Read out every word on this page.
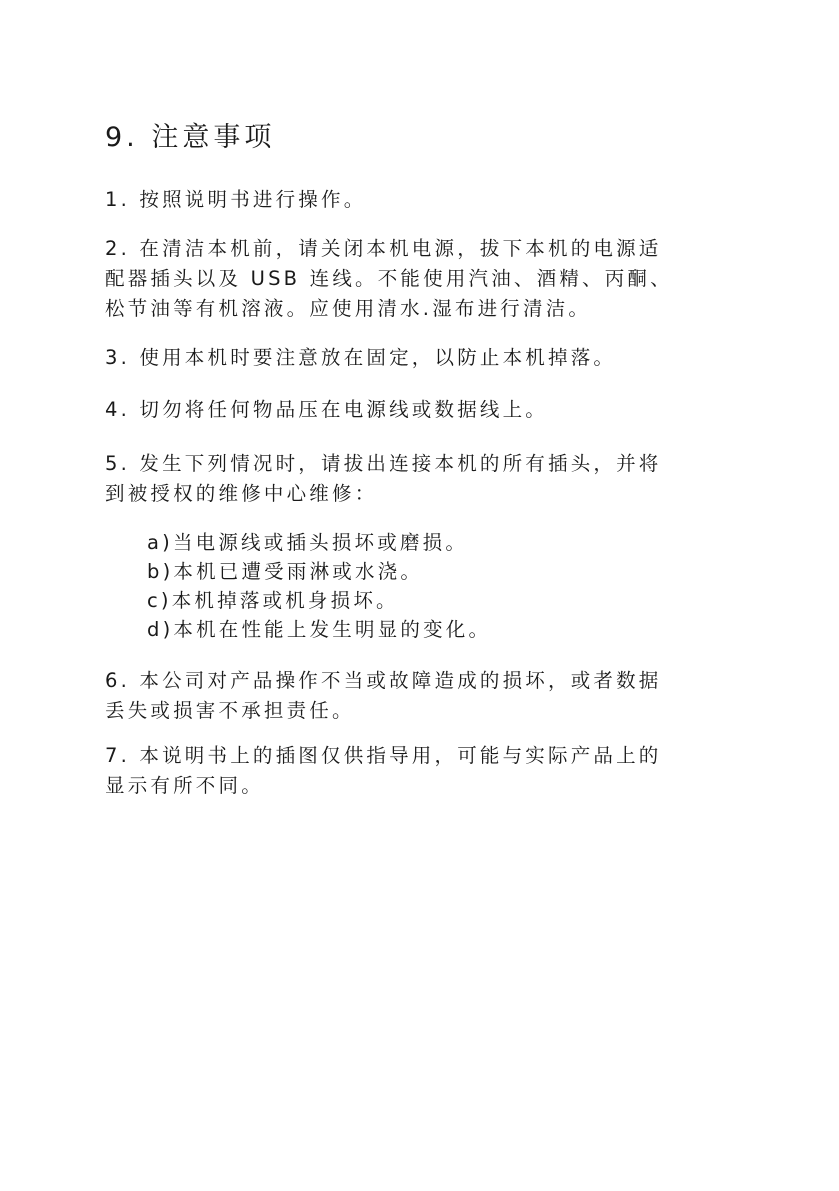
9. 注意事项

1. 按照说明书进行操作。

2. 在清洁本机前，请关闭本机电源，拔下本机的电源适
配器插头以及 USB 连线。不能使用汽油、酒精、丙酮、
松节油等有机溶液。应使用清水.湿布进行清洁。

3. 使用本机时要注意放在固定，以防止本机掉落。

4. 切勿将任何物品压在电源线或数据线上。

5. 发生下列情况时，请拔出连接本机的所有插头，并将
到被授权的维修中心维修：

a)当电源线或插头损坏或磨损。

b)本机已遭受雨淋或水浇。

c)本机掉落或机身损坏。

d)本机在性能上发生明显的变化。

6. 本公司对产品操作不当或故障造成的损坏，或者数据
丢失或损害不承担责任。

7. 本说明书上的插图仅供指导用，可能与实际产品上的
显示有所不同。
